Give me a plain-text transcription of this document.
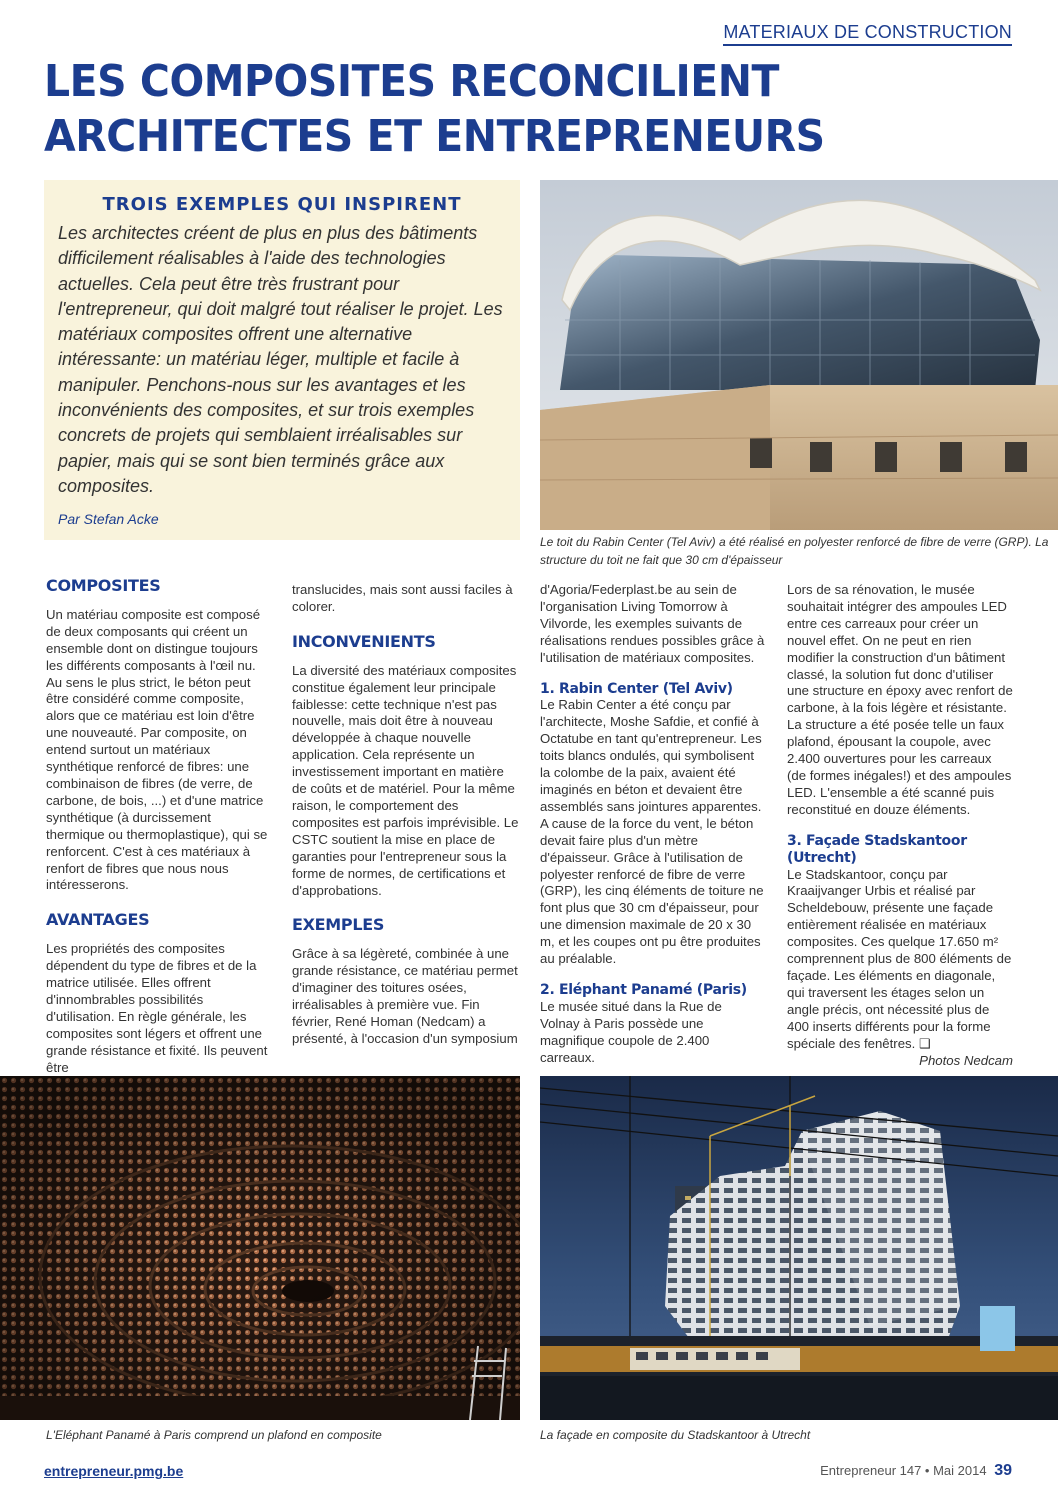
MATERIAUX DE CONSTRUCTION
LES COMPOSITES RECONCILIENT
ARCHITECTES ET ENTREPRENEURS
TROIS EXEMPLES QUI INSPIRENT

Les architectes créent de plus en plus des bâtiments difficilement réalisables à l'aide des technologies actuelles. Cela peut être très frustrant pour l'entrepreneur, qui doit malgré tout réaliser le projet. Les matériaux composites offrent une alternative intéressante: un matériau léger, multiple et facile à manipuler. Penchons-nous sur les avantages et les inconvénients des composites, et sur trois exemples concrets de projets qui semblaient irréalisables sur papier, mais qui se sont bien terminés grâce aux composites.

Par Stefan Acke
Le toit du Rabin Center (Tel Aviv) a été réalisé en polyester renforcé de fibre de verre (GRP). La structure du toit ne fait que 30 cm d'épaisseur
COMPOSITES

Un matériau composite est composé de deux composants qui créent un ensemble dont on distingue toujours les différents composants à l'œil nu. Au sens le plus strict, le béton peut être considéré comme composite, alors que ce matériau est loin d'être une nouveauté. Par composite, on entend surtout un matériaux synthétique renforcé de fibres: une combinaison de fibres (de verre, de carbone, de bois, ...) et d'une matrice synthétique (à durcissement thermique ou thermoplastique), qui se renforcent. C'est à ces matériaux à renfort de fibres que nous nous intéresserons.

AVANTAGES

Les propriétés des composites dépendent du type de fibres et de la matrice utilisée. Elles offrent d'innombrables possibilités d'utilisation. En règle générale, les composites sont légers et offrent une grande résistance et fixité. Ils peuvent être

translucides, mais sont aussi faciles à colorer.

INCONVENIENTS

La diversité des matériaux composites constitue également leur principale faiblesse: cette technique n'est pas nouvelle, mais doit être à nouveau développée à chaque nouvelle application. Cela représente un investissement important en matière de coûts et de matériel. Pour la même raison, le comportement des composites est parfois imprévisible. Le CSTC soutient la mise en place de garanties pour l'entrepreneur sous la forme de normes, de certifications et d'approbations.

EXEMPLES

Grâce à sa légèreté, combinée à une grande résistance, ce matériau permet d'imaginer des toitures osées, irréalisables à première vue. Fin février, René Homan (Nedcam) a présenté, à l'occasion d'un symposium

d'Agoria/Federplast.be au sein de l'organisation Living Tomorrow à Vilvorde, les exemples suivants de réalisations rendues possibles grâce à l'utilisation de matériaux composites.

1. Rabin Center (Tel Aviv)

Le Rabin Center a été conçu par l'architecte, Moshe Safdie, et confié à Octatube en tant qu'entrepreneur. Les toits blancs ondulés, qui symbolisent la colombe de la paix, avaient été imaginés en béton et devaient être assemblés sans jointures apparentes. A cause de la force du vent, le béton devait faire plus d'un mètre d'épaisseur. Grâce à l'utilisation de polyester renforcé de fibre de verre (GRP), les cinq éléments de toiture ne font plus que 30 cm d'épaisseur, pour une dimension maximale de 20 x 30 m, et les coupes ont pu être produites au préalable.

2. Eléphant Panamé (Paris)

Le musée situé dans la Rue de Volnay à Paris possède une magnifique coupole de 2.400 carreaux.

Lors de sa rénovation, le musée souhaitait intégrer des ampoules LED entre ces carreaux pour créer un nouvel effet. On ne peut en rien modifier la construction d'un bâtiment classé, la solution fut donc d'utiliser une structure en époxy avec renfort de carbone, à la fois légère et résistante. La structure a été posée telle un faux plafond, épousant la coupole, avec 2.400 ouvertures pour les carreaux (de formes inégales!) et des ampoules LED. L'ensemble a été scanné puis reconstitué en douze éléments.

3. Façade Stadskantoor (Utrecht)

Le Stadskantoor, conçu par Kraaijvanger Urbis et réalisé par Scheldebouw, présente une façade entièrement réalisée en matériaux composites. Ces quelque 17.650 m² comprennent plus de 800 éléments de façade. Les éléments en diagonale, qui traversent les étages selon un angle précis, ont nécessité plus de 400 inserts différents pour la forme spéciale des fenêtres. ❑

Photos Nedcam
L'Eléphant Panamé à Paris comprend un plafond en composite	La façade en composite du Stadskantoor à Utrecht
entrepreneur.pmg.be	Entrepreneur 147 • Mai 2014 39
